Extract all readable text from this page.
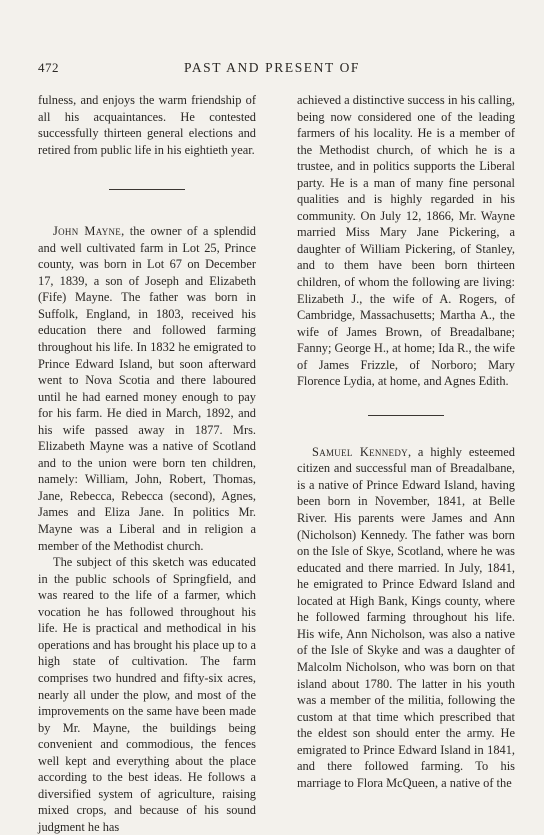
472	PAST AND PRESENT OF

fulness, and enjoys the warm friendship of all his acquaintances. He contested successfully thirteen general elections and retired from public life in his eightieth year.

John Mayne, the owner of a splendid and well cultivated farm in Lot 25, Prince county, was born in Lot 67 on December 17, 1839, a son of Joseph and Elizabeth (Fife) Mayne. The father was born in Suffolk, England, in 1803, received his education there and followed farming throughout his life. In 1832 he emigrated to Prince Edward Island, but soon afterward went to Nova Scotia and there laboured until he had earned money enough to pay for his farm. He died in March, 1892, and his wife passed away in 1877. Mrs. Elizabeth Mayne was a native of Scotland and to the union were born ten children, namely: William, John, Robert, Thomas, Jane, Rebecca, Rebecca (second), Agnes, James and Eliza Jane. In politics Mr. Mayne was a Liberal and in religion a member of the Methodist church.

The subject of this sketch was educated in the public schools of Springfield, and was reared to the life of a farmer, which vocation he has followed throughout his life. He is practical and methodical in his operations and has brought his place up to a high state of cultivation. The farm comprises two hundred and fifty-six acres, nearly all under the plow, and most of the improvements on the same have been made by Mr. Mayne, the buildings being convenient and commodious, the fences well kept and everything about the place according to the best ideas. He follows a diversified system of agriculture, raising mixed crops, and because of his sound judgment he has

achieved a distinctive success in his calling, being now considered one of the leading farmers of his locality. He is a member of the Methodist church, of which he is a trustee, and in politics supports the Liberal party. He is a man of many fine personal qualities and is highly regarded in his community. On July 12, 1866, Mr. Wayne married Miss Mary Jane Pickering, a daughter of William Pickering, of Stanley, and to them have been born thirteen children, of whom the following are living: Elizabeth J., the wife of A. Rogers, of Cambridge, Massachusetts; Martha A., the wife of James Brown, of Breadalbane; Fanny; George H., at home; Ida R., the wife of James Frizzle, of Norboro; Mary Florence Lydia, at home, and Agnes Edith.

Samuel Kennedy, a highly esteemed citizen and successful man of Breadalbane, is a native of Prince Edward Island, having been born in November, 1841, at Belle River. His parents were James and Ann (Nicholson) Kennedy. The father was born on the Isle of Skye, Scotland, where he was educated and there married. In July, 1841, he emigrated to Prince Edward Island and located at High Bank, Kings county, where he followed farming throughout his life. His wife, Ann Nicholson, was also a native of the Isle of Skyke and was a daughter of Malcolm Nicholson, who was born on that island about 1780. The latter in his youth was a member of the militia, following the custom at that time which prescribed that the eldest son should enter the army. He emigrated to Prince Edward Island in 1841, and there followed farming. To his marriage to Flora McQueen, a native of the
